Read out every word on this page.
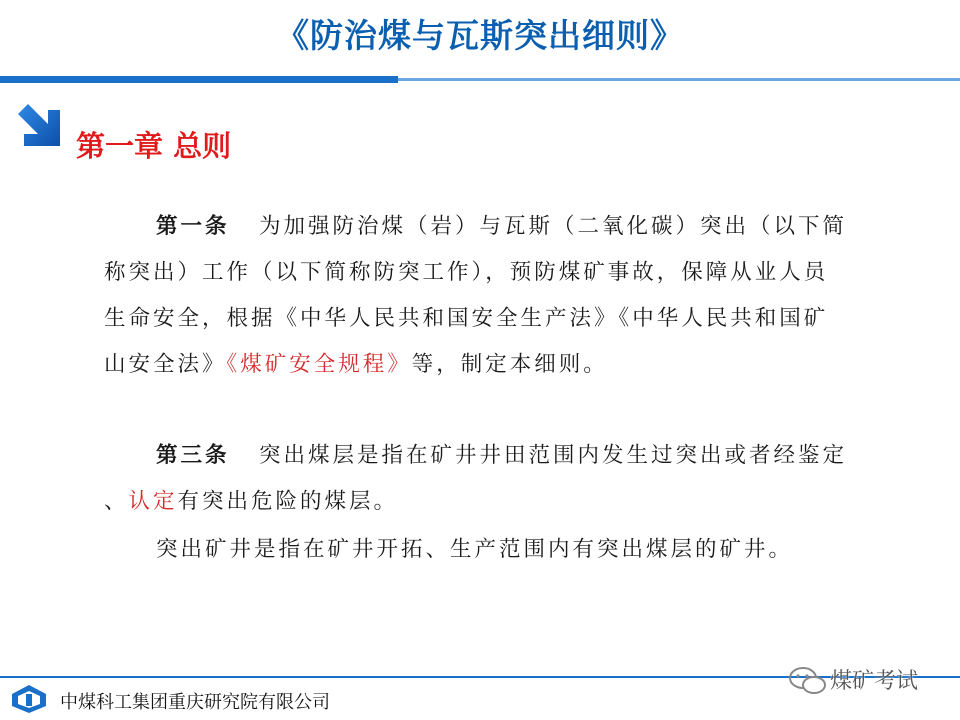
《防治煤与瓦斯突出细则》
第一章 总则
第一条 为加强防治煤（岩）与瓦斯（二氧化碳）突出（以下简
称突出）工作（以下简称防突工作），预防煤矿事故，保障从业人员
生命安全，根据《中华人民共和国安全生产法》《中华人民共和国矿
山安全法》《煤矿安全规程》等，制定本细则。
第三条 突出煤层是指在矿井井田范围内发生过突出或者经鉴定
、认定有突出危险的煤层。
突出矿井是指在矿井开拓、生产范围内有突出煤层的矿井。
中煤科工集团重庆研究院有限公司
煤矿考试
